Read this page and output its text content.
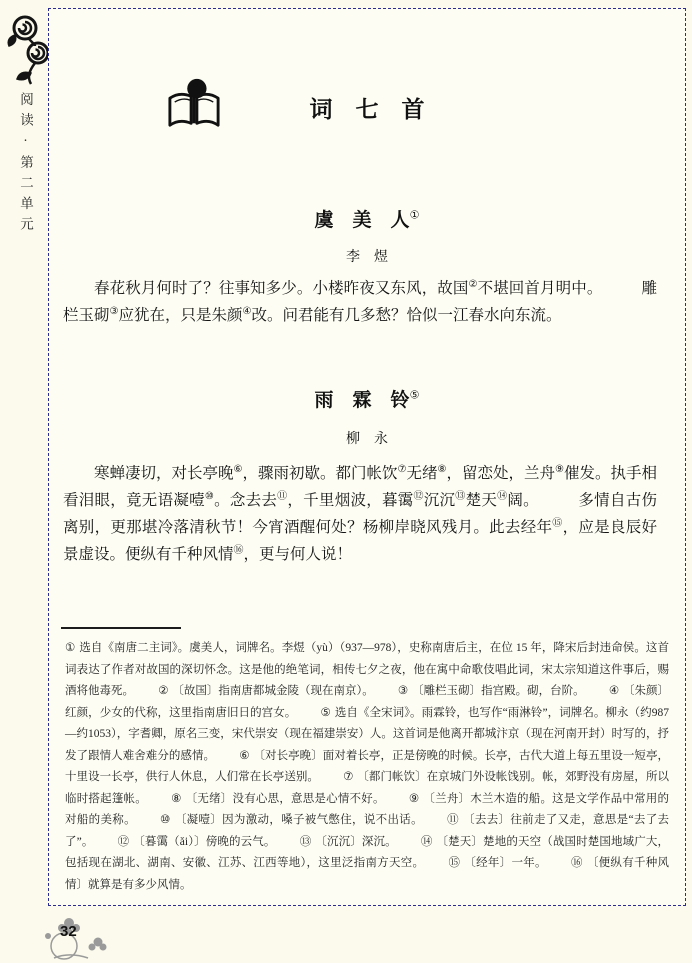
阅读·第二单元	词　七　首
虞　美　人①
李　煜
春花秋月何时了？往事知多少。小楼昨夜又东风，故国②不堪回首月明中。　　　雕栏玉砌③应犹在，只是朱颜④改。问君能有几多愁？恰似一江春水向东流。
雨　霖　铃⑤
柳　永
寒蝉凄切，对长亭晚⑥，骤雨初歇。都门帐饮⑦无绪⑧，留恋处，兰舟⑨催发。执手相看泪眼，竟无语凝噎⑩。念去去⑪，千里烟波，暮霭⑫沉沉⑬楚天⑭阔。　　　多情自古伤离别，更那堪冷落清秋节！今宵酒醒何处？杨柳岸晓风残月。此去经年⑮，应是良辰好景虚设。便纵有千种风情⑯，更与何人说！
① 选自《南唐二主词》。虞美人，词牌名。李煜（yù）（937—978），史称南唐后主，在位 15 年，降宋后封违命侯。这首词表达了作者对故国的深切怀念。这是他的绝笔词，相传七夕之夜，他在寓中命歌伎唱此词，宋太宗知道这件事后，赐酒将他毒死。 ② 〔故国〕指南唐都城金陵（现在南京）。 ③ 〔雕栏玉砌〕指宫殿。砌，台阶。 ④ 〔朱颜〕红颜，少女的代称，这里指南唐旧日的宫女。 ⑤ 选自《全宋词》。雨霖铃，也写作“雨淋铃”，词牌名。柳永（约987—约1053），字耆卿，原名三变，宋代崇安（现在福建崇安）人。这首词是他离开都城汴京（现在河南开封）时写的，抒发了跟情人难舍难分的感情。 ⑥ 〔对长亭晚〕面对着长亭，正是傍晚的时候。长亭，古代大道上每五里设一短亭，十里设一长亭，供行人休息，人们常在长亭送别。 ⑦ 〔都门帐饮〕在京城门外设帐饯别。帐，郊野没有房屋，所以临时搭起篷帐。 ⑧ 〔无绪〕没有心思，意思是心情不好。 ⑨ 〔兰舟〕木兰木造的船。这是文学作品中常用的对船的美称。 ⑩ 〔凝噎〕因为激动，嗓子被气憋住，说不出话。 ⑪ 〔去去〕往前走了又走，意思是“去了去了”。 ⑫ 〔暮霭（ǎi）〕傍晚的云气。 ⑬ 〔沉沉〕深沉。 ⑭ 〔楚天〕楚地的天空（战国时楚国地域广大，包括现在湖北、湖南、安徽、江苏、江西等地），这里泛指南方天空。 ⑮ 〔经年〕一年。 ⑯ 〔便纵有千种风情〕就算是有多少风情。
32
